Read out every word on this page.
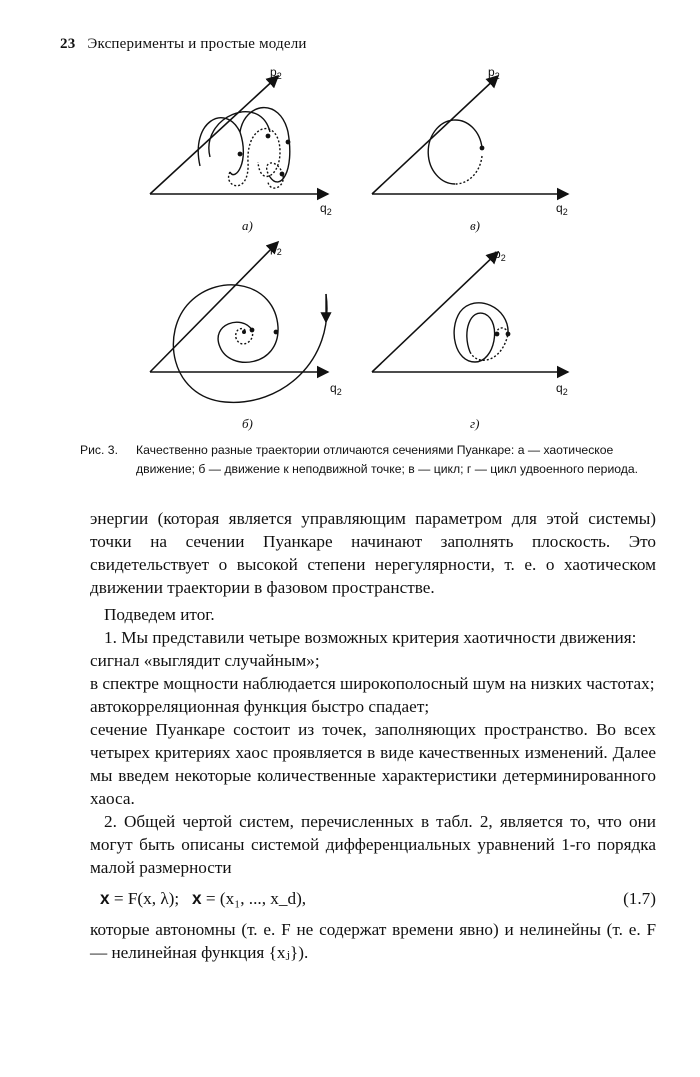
23 Эксперименты и простые модели
$p_2$
$q_2$
а)
$p_2$
$q_2$
в)
$p_2$
$q_2$
б)
$p_2$
$q_2$
г)
Рис. 3.	Качественно разные траектории отличаются сечениями Пуанкаре: а — хаотическое движение; б — движение к неподвижной точке; в — цикл; г — цикл удвоенного периода.

энергии (которая является управляющим параметром для этой системы) точки на сечении Пуанкаре начинают заполнять плоскость. Это свидетельствует о высокой степени нерегулярности, т. е. о хаотическом движении траектории в фазовом пространстве.

Подведем итог.

1. Мы представили четыре возможных критерия хаотичности движения:

сигнал «выглядит случайным»;

в спектре мощности наблюдается широкополосный шум на низких частотах;

автокорреляционная функция быстро спадает;

сечение Пуанкаре состоит из точек, заполняющих пространство. Во всех четырех критериях хаос проявляется в виде качественных изменений. Далее мы введем некоторые количественные характеристики детерминированного хаоса.

2. Общей чертой систем, перечисленных в табл. 2, является то, что они могут быть описаны системой дифференциальных уравнений 1-го порядка малой размерности

x = F(x, λ); x = (x₁, ..., x_d),	(1.7)

которые автономны (т. е. F не содержат времени явно) и нелинейны (т. е. F — нелинейная функция {xⱼ}).
